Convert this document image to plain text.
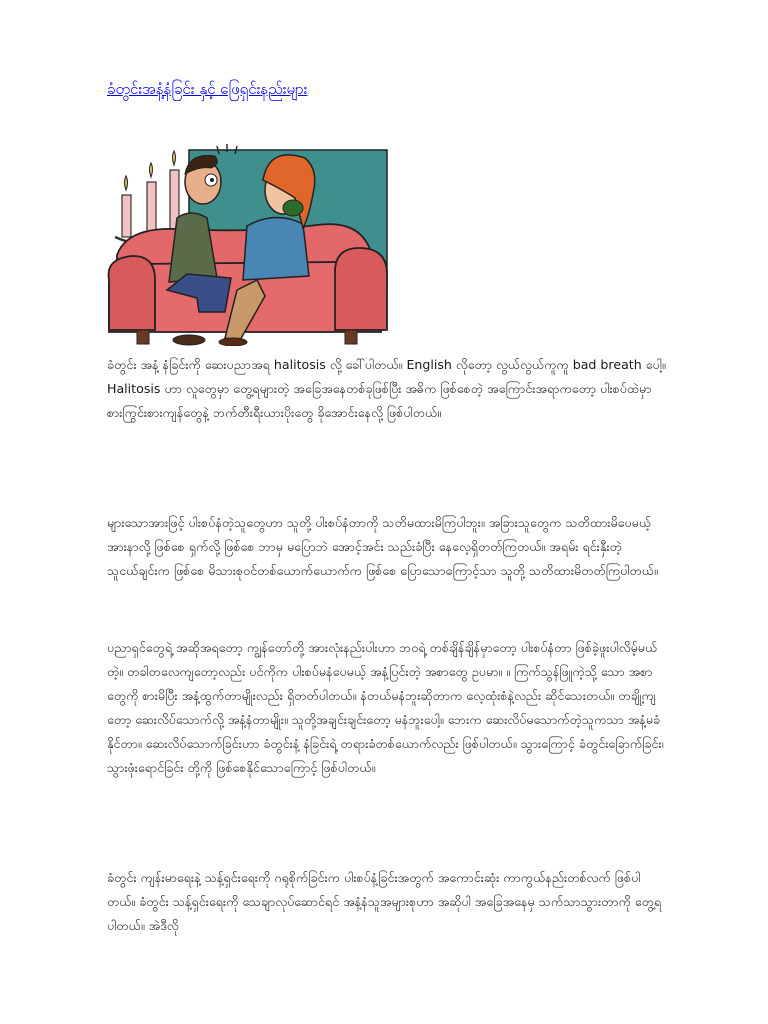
ခံတွင်းအနံ့နံခြင်း နှင့် ဖြေရှင်းနည်းများ

ခံတွင်း အနံ့ နံခြင်းကို ဆေးပညာအရ halitosis လို့ ခေါ်ပါတယ်။ English လိုတော့ လွယ်လွယ်ကူကူ bad breath ပေါ့။ Halitosis ဟာ လူတွေမှာ တွေ့ရများတဲ့ အခြေအနေတစ်ခုဖြစ်ပြီး အဓိက ဖြစ်စေတဲ့ အကြောင်းအရာကတော့ ပါးစပ်ထဲမှာ စားကြွင်းစားကျန်တွေနဲ့ ဘက်တီးရီးယားပိုးတွေ ခိုအောင်းနေလို့ ဖြစ်ပါတယ်။

များသောအားဖြင့် ပါးစပ်နံတဲ့သူတွေဟာ သူတို့ ပါးစပ်နံတာကို သတိမထားမိကြပါဘူး။ အခြားသူတွေက သတိထားမိပေမယ့် အားနာလို့ ဖြစ်စေ ရှက်လို့ ဖြစ်စေ ဘာမှ မပြောဘဲ အောင့်အင်း သည်းခံပြီး နေလေ့ရှိတတ်ကြတယ်။ အရမ်း ရင်းနှီးတဲ့ သူငယ်ချင်းက ဖြစ်စေ မိသားစုဝင်တစ်ယောက်ယောက်က ဖြစ်စေ ပြောသောကြောင့်သာ သူတို့ သတိထားမိတတ်ကြပါတယ်။

ပညာရှင်တွေရဲ့ အဆိုအရတော့ ကျွန်တော်တို့ အားလုံးနည်းပါးဟာ ဘဝရဲ့ တစ်ချိန်ချိန်မှာတော့ ပါးစပ်နံတာ ဖြစ်ခဲ့ဖူးပါလိမ့်မယ်တဲ့။ တခါတလေကျတော့လည်း ပင်ကိုက ပါးစပ်မနံပေမယ့် အနံ့ပြင်းတဲ့ အစာတွေ ဥပမာ။ ။ ကြက်သွန်ဖြူကဲ့သို့ သော အစာတွေကို စားမိပြီး အနံ့ထွက်တာမျိုးလည်း ရှိတတ်ပါတယ်။ နံတယ်မနံဘူးဆိုတာက လေ့ထုံးစံနဲ့လည်း ဆိုင်သေးတယ်။ တချို့ကျတော့ ဆေးလိပ်သောက်လို့ အနံ့နံတာမျိုး။ သူတို့အချင်းချင်းတော့ မနံဘူးပေါ့။ ဘေးက ဆေးလိပ်မသောက်တဲ့သူကသာ အနံ့မခံနိုင်တာ။ ဆေးလိပ်သောက်ခြင်းဟာ ခံတွင်းနံ့ နံခြင်းရဲ့ တရားခံတစ်ယောက်လည်း ဖြစ်ပါတယ်။ သွားကြောင့် ခံတွင်းခြောက်ခြင်း၊ သွားဖုံးရောင်ခြင်း တို့ကို ဖြစ်စေနိုင်သောကြောင့် ဖြစ်ပါတယ်။

ခံတွင်း ကျန်းမာရေးနဲ့ သန့်ရှင်းရေးကို ဂရုစိုက်ခြင်းက ပါးစပ်နံ့ခြင်းအတွက် အကောင်းဆုံး ကာကွယ်နည်းတစ်လက် ဖြစ်ပါတယ်။ ခံတွင်း သန့်ရှင်းရေးကို သေချာလုပ်ဆောင်ရင် အနံ့နံသူအများစုဟာ အဆိုပါ အခြေအနေမှ သက်သာသွားတာကို တွေ့ရပါတယ်။ အဲဒီလို
